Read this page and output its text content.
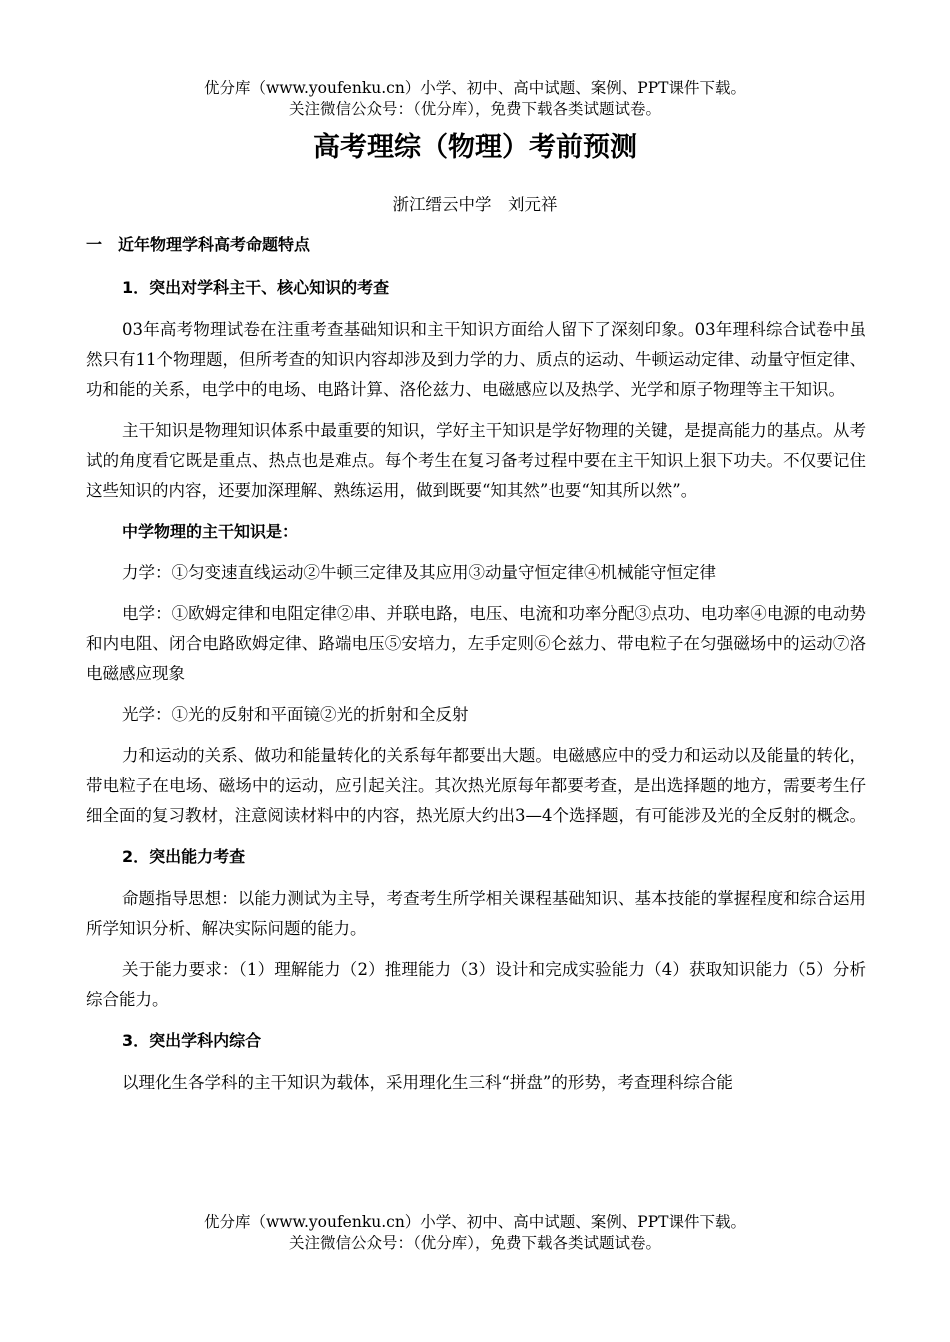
优分库（www.youfenku.cn）小学、初中、高中试题、案例、PPT课件下载。
关注微信公众号：（优分库），免费下载各类试题试卷。
高考理综（物理）考前预测
浙江缙云中学　刘元祥

一　近年物理学科高考命题特点

1．突出对学科主干、核心知识的考查

03年高考物理试卷在注重考查基础知识和主干知识方面给人留下了深刻印象。03年理科综合试卷中虽然只有11个物理题，但所考查的知识内容却涉及到力学的力、质点的运动、牛顿运动定律、动量守恒定律、功和能的关系，电学中的电场、电路计算、洛伦兹力、电磁感应以及热学、光学和原子物理等主干知识。

主干知识是物理知识体系中最重要的知识，学好主干知识是学好物理的关键，是提高能力的基点。从考试的角度看它既是重点、热点也是难点。每个考生在复习备考过程中要在主干知识上狠下功夫。不仅要记住这些知识的内容，还要加深理解、熟练运用，做到既要“知其然”也要“知其所以然”。

中学物理的主干知识是：

力学：①匀变速直线运动②牛顿三定律及其应用③动量守恒定律④机械能守恒定律

电学：①欧姆定律和电阻定律②串、并联电路，电压、电流和功率分配③点功、电功率④电源的电动势和内电阻、闭合电路欧姆定律、路端电压⑤安培力，左手定则⑥仑兹力、带电粒子在匀强磁场中的运动⑦洛电磁感应现象

光学：①光的反射和平面镜②光的折射和全反射

力和运动的关系、做功和能量转化的关系每年都要出大题。电磁感应中的受力和运动以及能量的转化，带电粒子在电场、磁场中的运动，应引起关注。其次热光原每年都要考查，是出选择题的地方，需要考生仔细全面的复习教材，注意阅读材料中的内容，热光原大约出3—4个选择题，有可能涉及光的全反射的概念。

2．突出能力考查

命题指导思想：以能力测试为主导，考查考生所学相关课程基础知识、基本技能的掌握程度和综合运用所学知识分析、解决实际问题的能力。

关于能力要求：（1）理解能力（2）推理能力（3）设计和完成实验能力（4）获取知识能力（5）分析综合能力。

3．突出学科内综合

以理化生各学科的主干知识为载体，采用理化生三科“拼盘”的形势，考查理科综合能

优分库（www.youfenku.cn）小学、初中、高中试题、案例、PPT课件下载。
关注微信公众号：（优分库），免费下载各类试题试卷。
